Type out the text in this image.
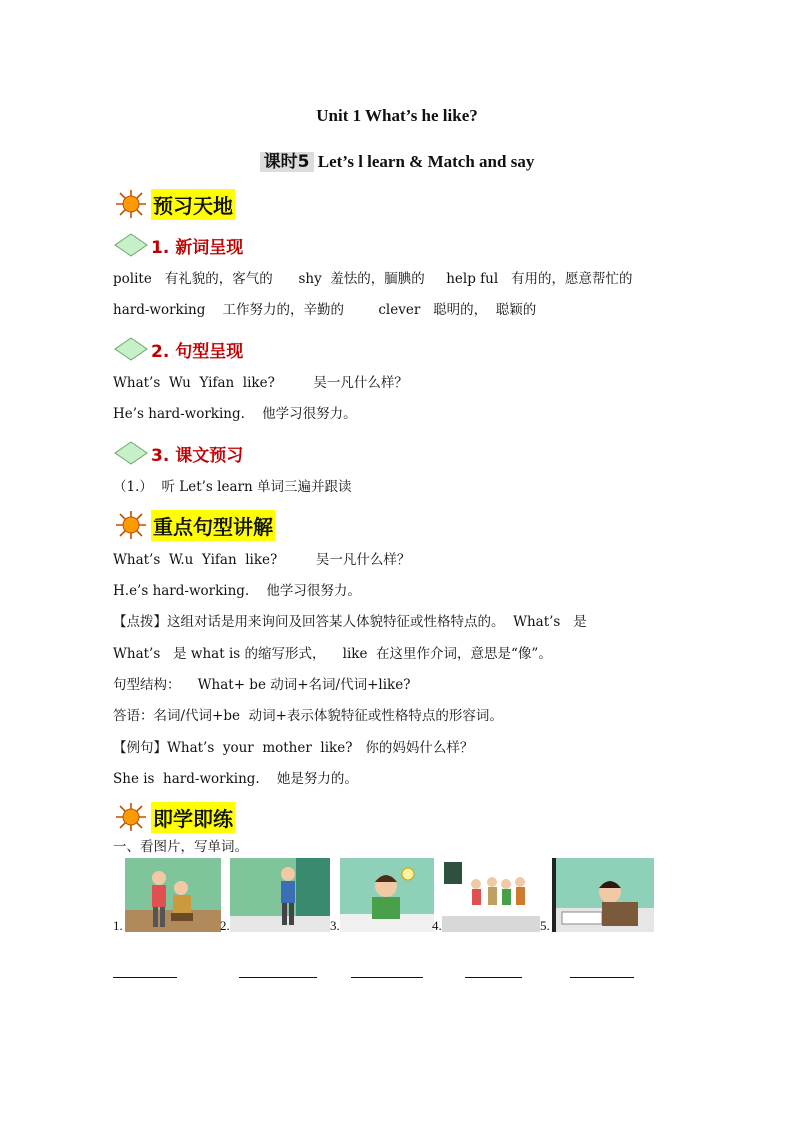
Unit 1 What’s he like?
课时5 Let’s l learn & Match and say
预习天地
1. 新词呈现
polite   有礼貌的，客气的      shy  羞怯的，腼腆的     help ful   有用的，愿意帮忙的
hard-working    工作努力的，辛勤的        clever   聪明的，  聪颖的
2. 句型呈现
What’s  Wu  Yifan  like?         吴一凡什么样？
He’s hard-working.    他学习很努力。
3. 课文预习
（1.）  听 Let’s learn 单词三遍并跟读
重点句型讲解
What’s  W.u  Yifan  like?         吴一凡什么样？
H.e’s hard-working.    他学习很努力。
【点拨】这组对话是用来询问及回答某人体貌特征或性格特点的。  What’s   是
What’s   是 what is 的缩写形式，    like  在这里作介词，意思是“像”。
句型结构：    What+ be 动词+名词/代词+like?
答语：名词/代词+be  动词+表示体貌特征或性格特点的形容词。
【例句】What’s  your  mother  like?   你的妈妈什么样？
She is  hard-working.    她是努力的。
即学即练
一、看图片，写单词。
1.	2.	3.	4.	5.
